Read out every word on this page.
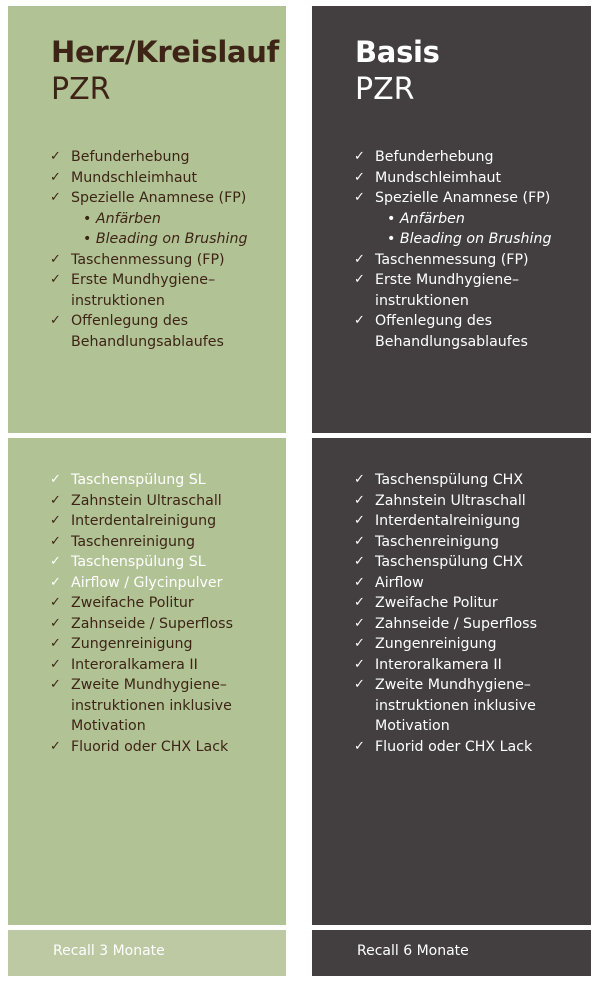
Herz/Kreislauf
PZR
✓ Befunderhebung
✓ Mundschleimhaut
✓ Spezielle Anamnese (FP)
• Anfärben
• Bleading on Brushing
✓ Taschenmessung (FP)
✓ Erste Mundhygiene–
instruktionen
✓ Offenlegung des
Behandlungsablaufes
✓ Taschenspülung SL
✓ Zahnstein Ultraschall
✓ Interdentalreinigung
✓ Taschenreinigung
✓ Taschenspülung SL
✓ Airflow / Glycinpulver
✓ Zweifache Politur
✓ Zahnseide / Superfloss
✓ Zungenreinigung
✓ Interoralkamera II
✓ Zweite Mundhygiene–
instruktionen inklusive
Motivation
✓ Fluorid oder CHX Lack
Recall 3 Monate
Basis
PZR
✓ Befunderhebung
✓ Mundschleimhaut
✓ Spezielle Anamnese (FP)
• Anfärben
• Bleading on Brushing
✓ Taschenmessung (FP)
✓ Erste Mundhygiene–
instruktionen
✓ Offenlegung des
Behandlungsablaufes
✓ Taschenspülung CHX
✓ Zahnstein Ultraschall
✓ Interdentalreinigung
✓ Taschenreinigung
✓ Taschenspülung CHX
✓ Airflow
✓ Zweifache Politur
✓ Zahnseide / Superfloss
✓ Zungenreinigung
✓ Interoralkamera II
✓ Zweite Mundhygiene–
instruktionen inklusive
Motivation
✓ Fluorid oder CHX Lack
Recall 6 Monate
